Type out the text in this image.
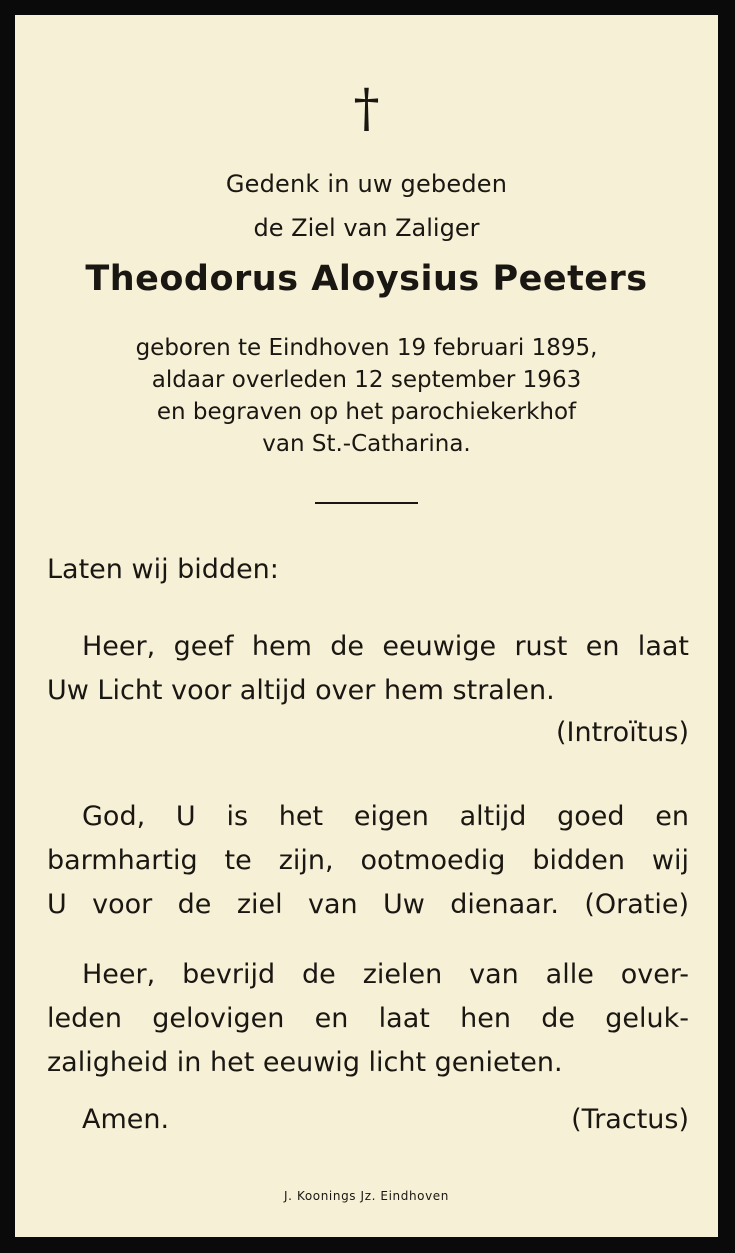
†
Gedenk in uw gebeden
de Ziel van Zaliger
Theodorus Aloysius Peeters
geboren te Eindhoven 19 februari 1895,
aldaar overleden 12 september 1963
en begraven op het parochiekerkhof
van St.-Catharina.
Laten wij bidden:
Heer, geef hem de eeuwige rust en laat
Uw Licht voor altijd over hem stralen.
(Introïtus)
God, U is het eigen altijd goed en
barmhartig te zijn, ootmoedig bidden wij
U voor de ziel van Uw dienaar. (Oratie)
Heer, bevrijd de zielen van alle over-
leden gelovigen en laat hen de geluk-
zaligheid in het eeuwig licht genieten.
Amen.	(Tractus)
J. Koonings Jz. Eindhoven
